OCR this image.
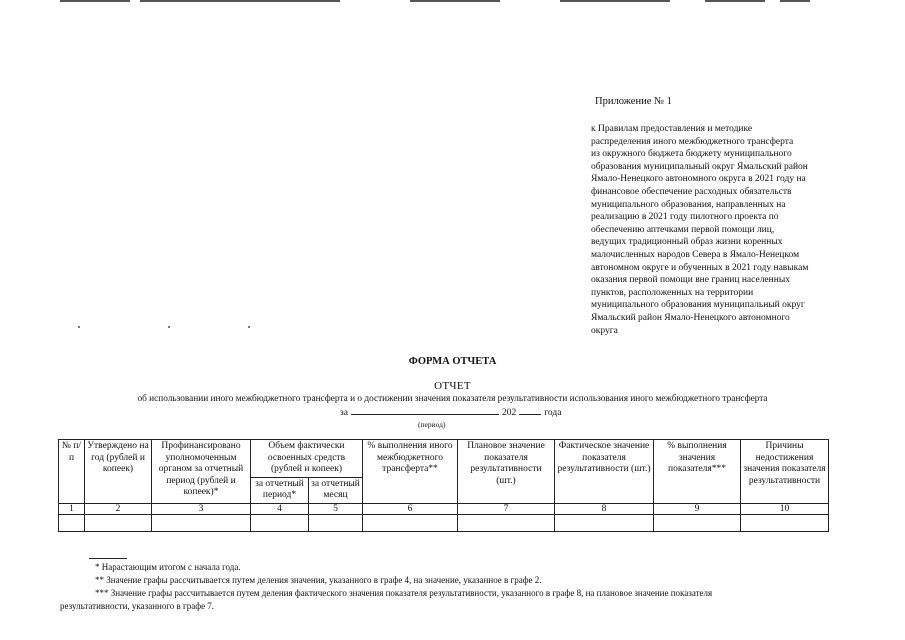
Приложение № 1
к Правилам предоставления и методике
распределения иного межбюджетного трансферта
из окружного бюджета бюджету муниципального
образования муниципальный округ Ямальский район
Ямало-Ненецкого автономного округа в 2021 году на
финансовое обеспечение расходных обязательств
муниципального образования, направленных на
реализацию в 2021 году пилотного проекта по
обеспечению аптечками первой помощи лиц,
ведущих традиционный образ жизни коренных
малочисленных народов Севера в Ямало-Ненецком
автономном округе и обученных в 2021 году навыкам
оказания первой помощи вне границ населенных
пунктов, расположенных на территории
муниципального образования муниципальный округ
Ямальский район Ямало-Ненецкого автономного
округа
ФОРМА ОТЧЕТА
ОТЧЕТ
об использовании иного межбюджетного трансферта и о достижении значения показателя результативности использования иного межбюджетного трансферта
за	202	года
(период)
№ п/п	Утверждено на год (рублей и копеек)	Профинансировано уполномоченным органом за отчетный период (рублей и копеек)*	Объем фактически освоенных средств (рублей и копеек)		% выполнения иного межбюджетного трансферта**	Плановое значение показателя результативности (шт.)	Фактическое значение показателя результативности (шт.)	% выполнения значения показателя***	Причины недостижения значения показателя результативности
			за отчетный период*	за отчетный месяц					
1	2	3	4	5	6	7	8	9	10

* Нарастающим итогом с начала года.
** Значение графы рассчитывается путем деления значения, указанного в графе 4, на значение, указанное в графе 2.
*** Значение графы рассчитывается путем деления фактического значения показателя результативности, указанного в графе 8, на плановое значение показателя
результативности, указанного в графе 7.
